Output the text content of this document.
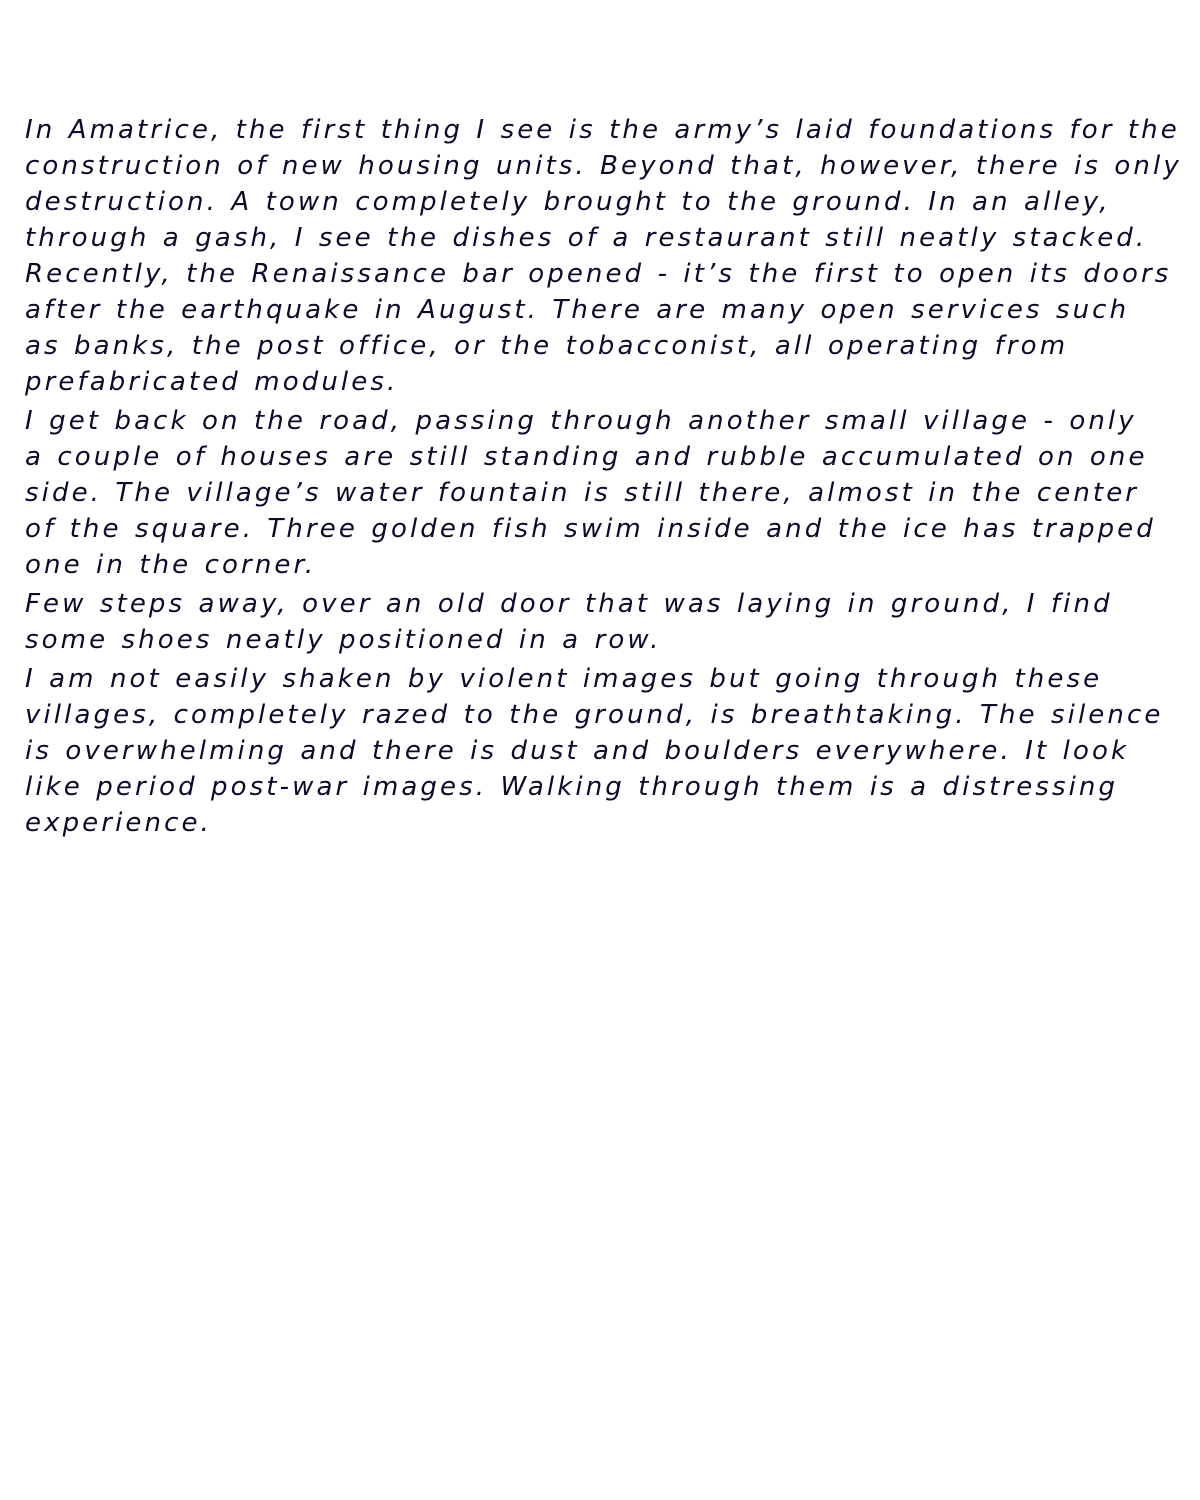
In Amatrice, the first thing I see is the army’s laid foundations for the
construction of new housing units. Beyond that, however, there is only
destruction. A town completely brought to the ground. In an alley,
through a gash, I see the dishes of a restaurant still neatly stacked.
Recently, the Renaissance bar opened - it’s the first to open its doors
after the earthquake in August. There are many open services such
as banks, the post office, or the tobacconist, all operating from
prefabricated modules.
I get back on the road, passing through another small village - only
a couple of houses are still standing and rubble accumulated on one
side. The village’s water fountain is still there, almost in the center
of the square. Three golden fish swim inside and the ice has trapped
one in the corner.
Few steps away, over an old door that was laying in ground, I find
some shoes neatly positioned in a row.
I am not easily shaken by violent images but going through these
villages, completely razed to the ground, is breathtaking. The silence
is overwhelming and there is dust and boulders everywhere. It look
like period post-war images. Walking through them is a distressing
experience.
